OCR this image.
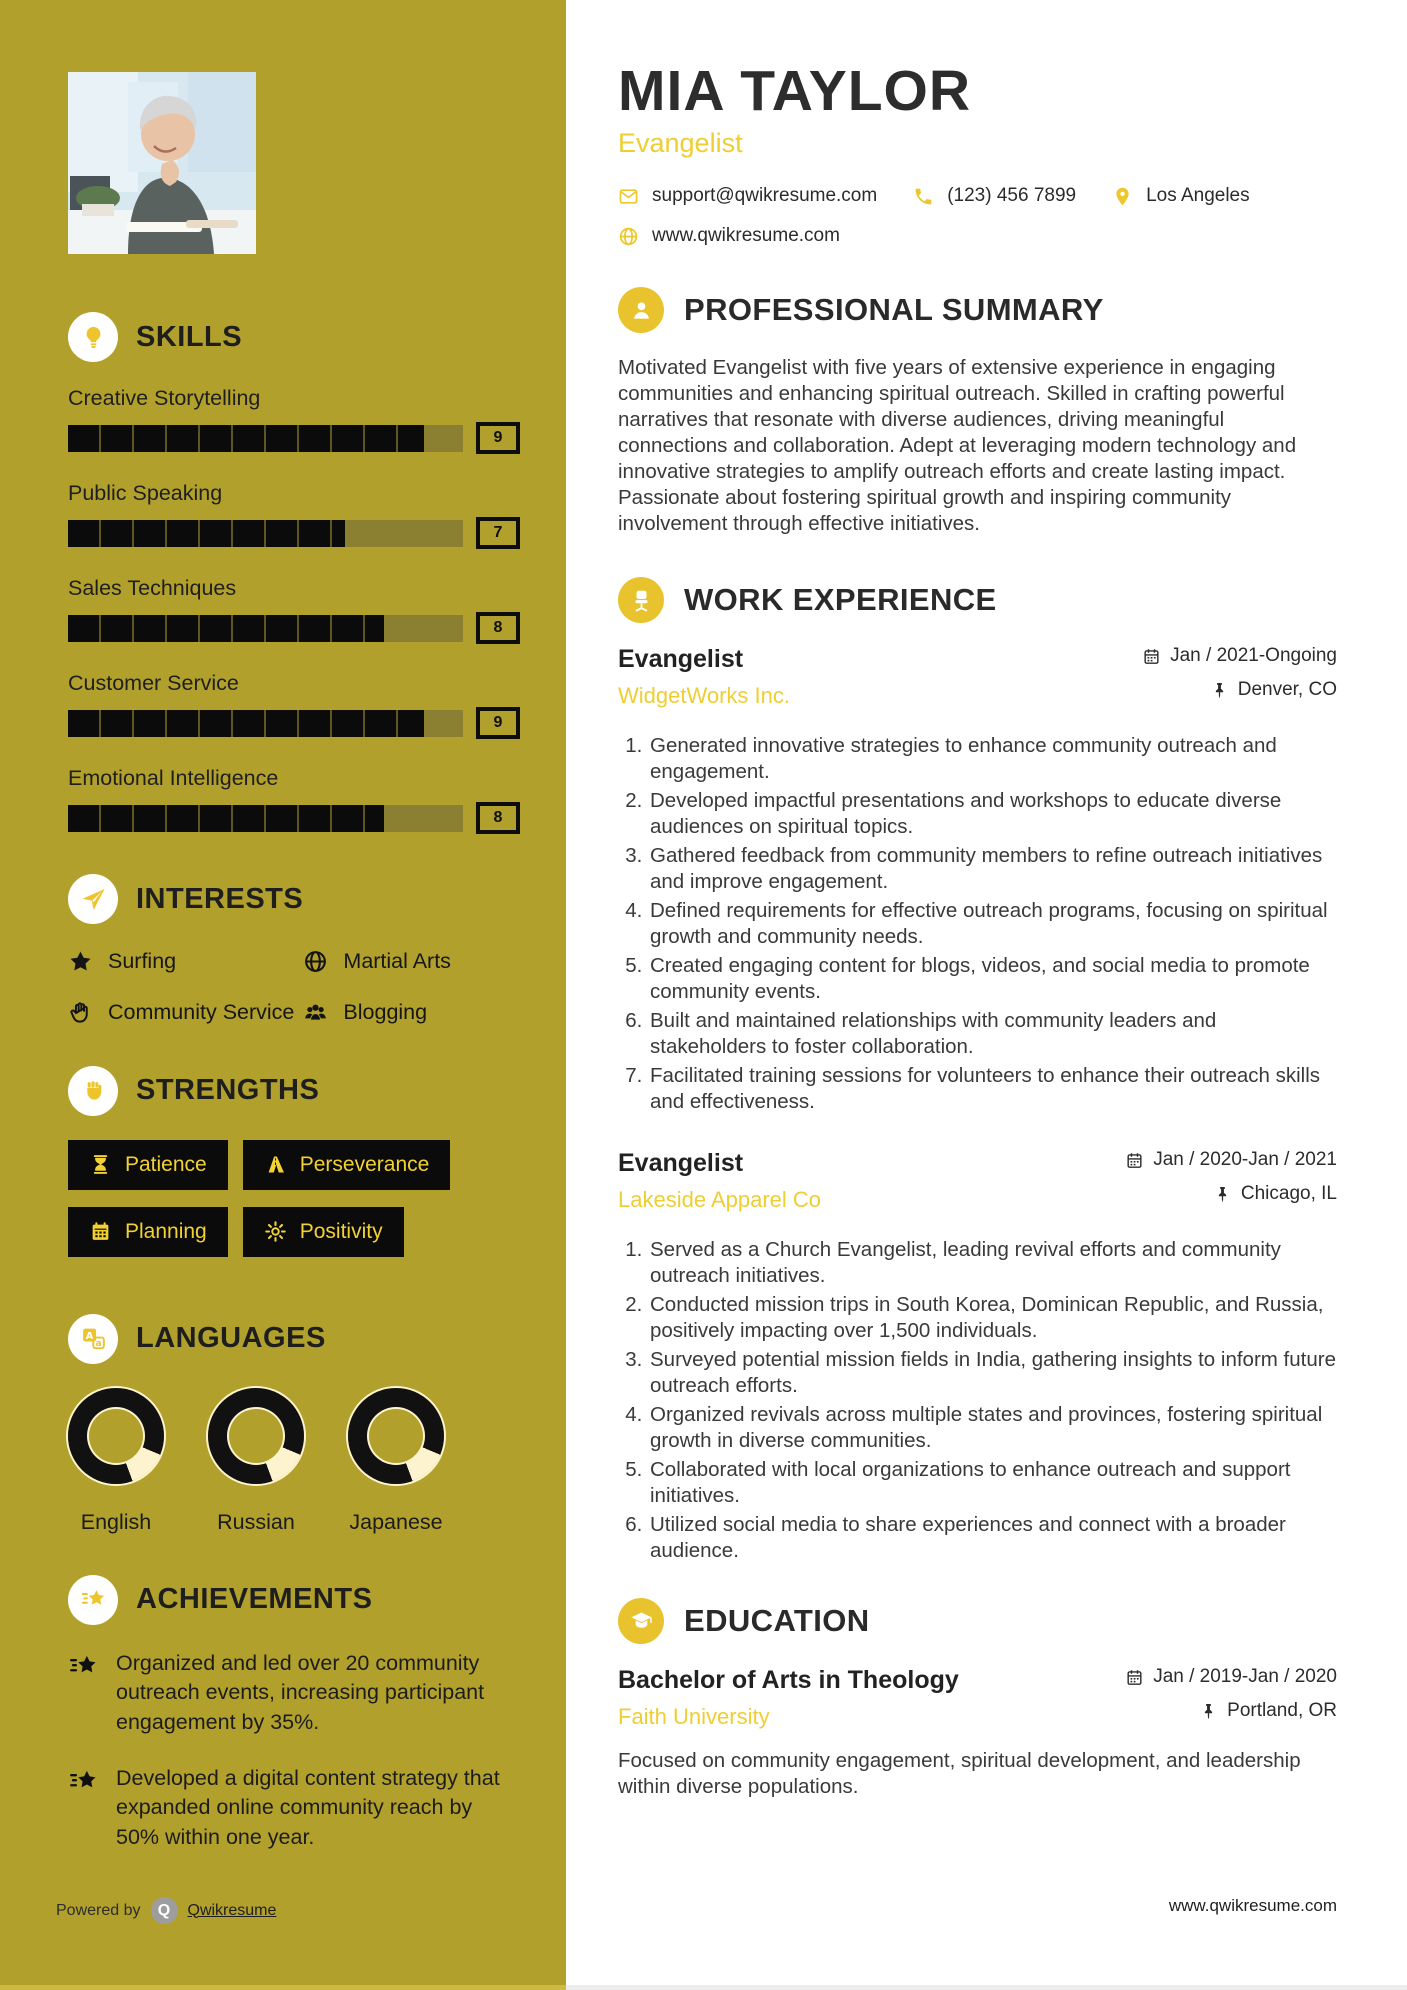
SKILLS
Creative Storytelling
9
Public Speaking
7
Sales Techniques
8
Customer Service
9
Emotional Intelligence
8
INTERESTS
Surfing	Martial Arts
Community Service Blogging
STRENGTHS
Patience	Perseverance
Planning	Positivity
LANGUAGES
English	Russian	Japanese
ACHIEVEMENTS
Organized and led over 20 community outreach events, increasing participant engagement by 35%.
Developed a digital content strategy that expanded online community reach by 50% within one year.
Powered by	Q	Qwikresume
MIA TAYLOR
Evangelist
support@qwikresume.com	(123) 456 7899	Los Angeles
www.qwikresume.com
PROFESSIONAL SUMMARY

Motivated Evangelist with five years of extensive experience in engaging communities and enhancing spiritual outreach. Skilled in crafting powerful narratives that resonate with diverse audiences, driving meaningful connections and collaboration. Adept at leveraging modern technology and innovative strategies to amplify outreach efforts and create lasting impact. Passionate about fostering spiritual growth and inspiring community involvement through effective initiatives.

WORK EXPERIENCE
Evangelist
WidgetWorks Inc.
Jan / 2021-Ongoing
Denver, CO
1. Generated innovative strategies to enhance community outreach and engagement.
2. Developed impactful presentations and workshops to educate diverse audiences on spiritual topics.
3. Gathered feedback from community members to refine outreach initiatives and improve engagement.
4. Defined requirements for effective outreach programs, focusing on spiritual growth and community needs.
5. Created engaging content for blogs, videos, and social media to promote community events.
6. Built and maintained relationships with community leaders and stakeholders to foster collaboration.
7. Facilitated training sessions for volunteers to enhance their outreach skills and effectiveness.
Evangelist
Lakeside Apparel Co
Jan / 2020-Jan / 2021
Chicago, IL
1. Served as a Church Evangelist, leading revival efforts and community outreach initiatives.
2. Conducted mission trips in South Korea, Dominican Republic, and Russia, positively impacting over 1,500 individuals.
3. Surveyed potential mission fields in India, gathering insights to inform future outreach efforts.
4. Organized revivals across multiple states and provinces, fostering spiritual growth in diverse communities.
5. Collaborated with local organizations to enhance outreach and support initiatives.
6. Utilized social media to share experiences and connect with a broader audience.
EDUCATION
Bachelor of Arts in Theology
Faith University
Jan / 2019-Jan / 2020
Portland, OR

Focused on community engagement, spiritual development, and leadership within diverse populations.

www.qwikresume.com
